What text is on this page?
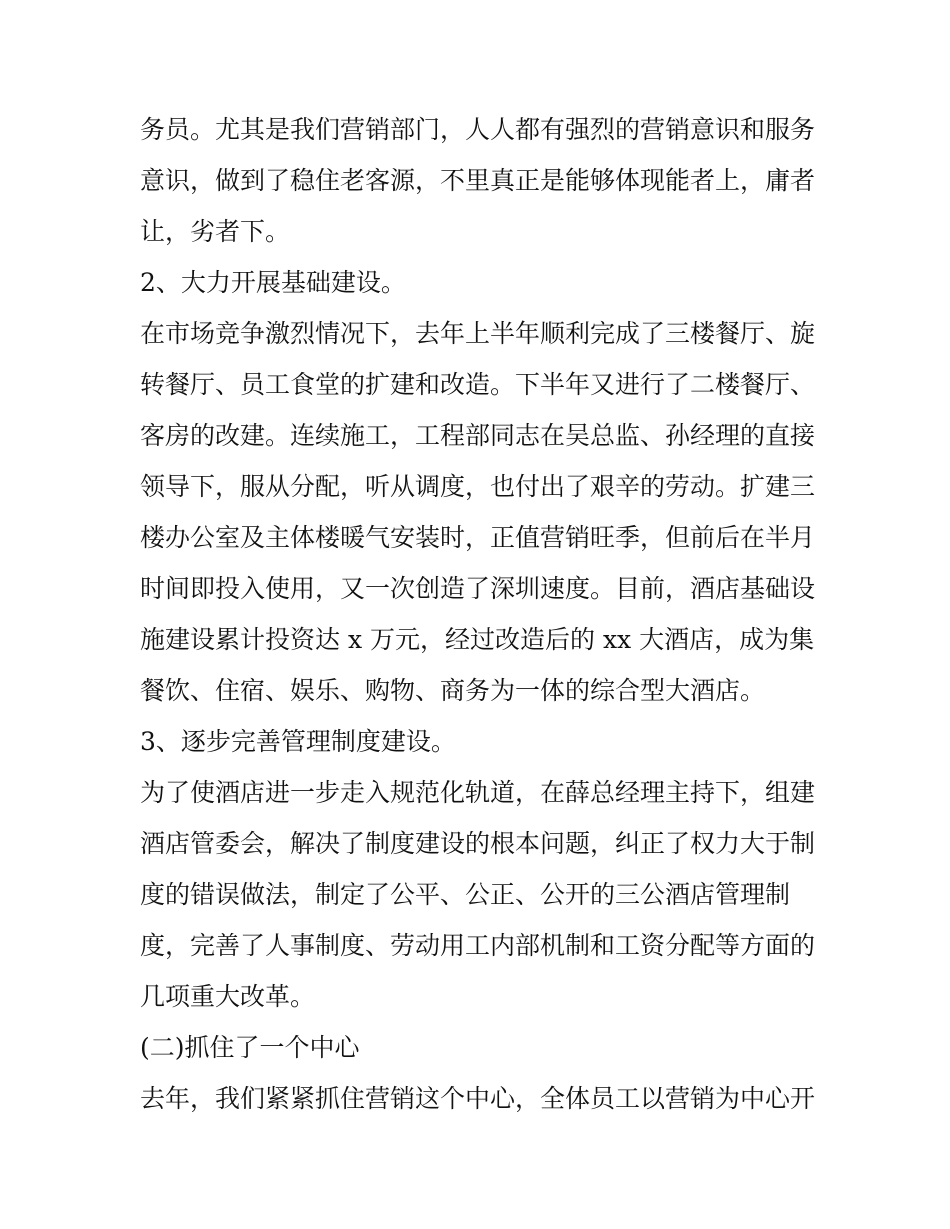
务员。尤其是我们营销部门，人人都有强烈的营销意识和服务
意识，做到了稳住老客源，不里真正是能够体现能者上，庸者
让，劣者下。
2、大力开展基础建设。
在市场竞争激烈情况下，去年上半年顺利完成了三楼餐厅、旋
转餐厅、员工食堂的扩建和改造。下半年又进行了二楼餐厅、
客房的改建。连续施工，工程部同志在吴总监、孙经理的直接
领导下，服从分配，听从调度，也付出了艰辛的劳动。扩建三
楼办公室及主体楼暖气安装时，正值营销旺季，但前后在半月
时间即投入使用，又一次创造了深圳速度。目前，酒店基础设
施建设累计投资达 x 万元，经过改造后的 xx 大酒店，成为集
餐饮、住宿、娱乐、购物、商务为一体的综合型大酒店。
3、逐步完善管理制度建设。
为了使酒店进一步走入规范化轨道，在薛总经理主持下，组建
酒店管委会，解决了制度建设的根本问题，纠正了权力大于制
度的错误做法，制定了公平、公正、公开的三公酒店管理制
度，完善了人事制度、劳动用工内部机制和工资分配等方面的
几项重大改革。
(二)抓住了一个中心
去年，我们紧紧抓住营销这个中心，全体员工以营销为中心开
